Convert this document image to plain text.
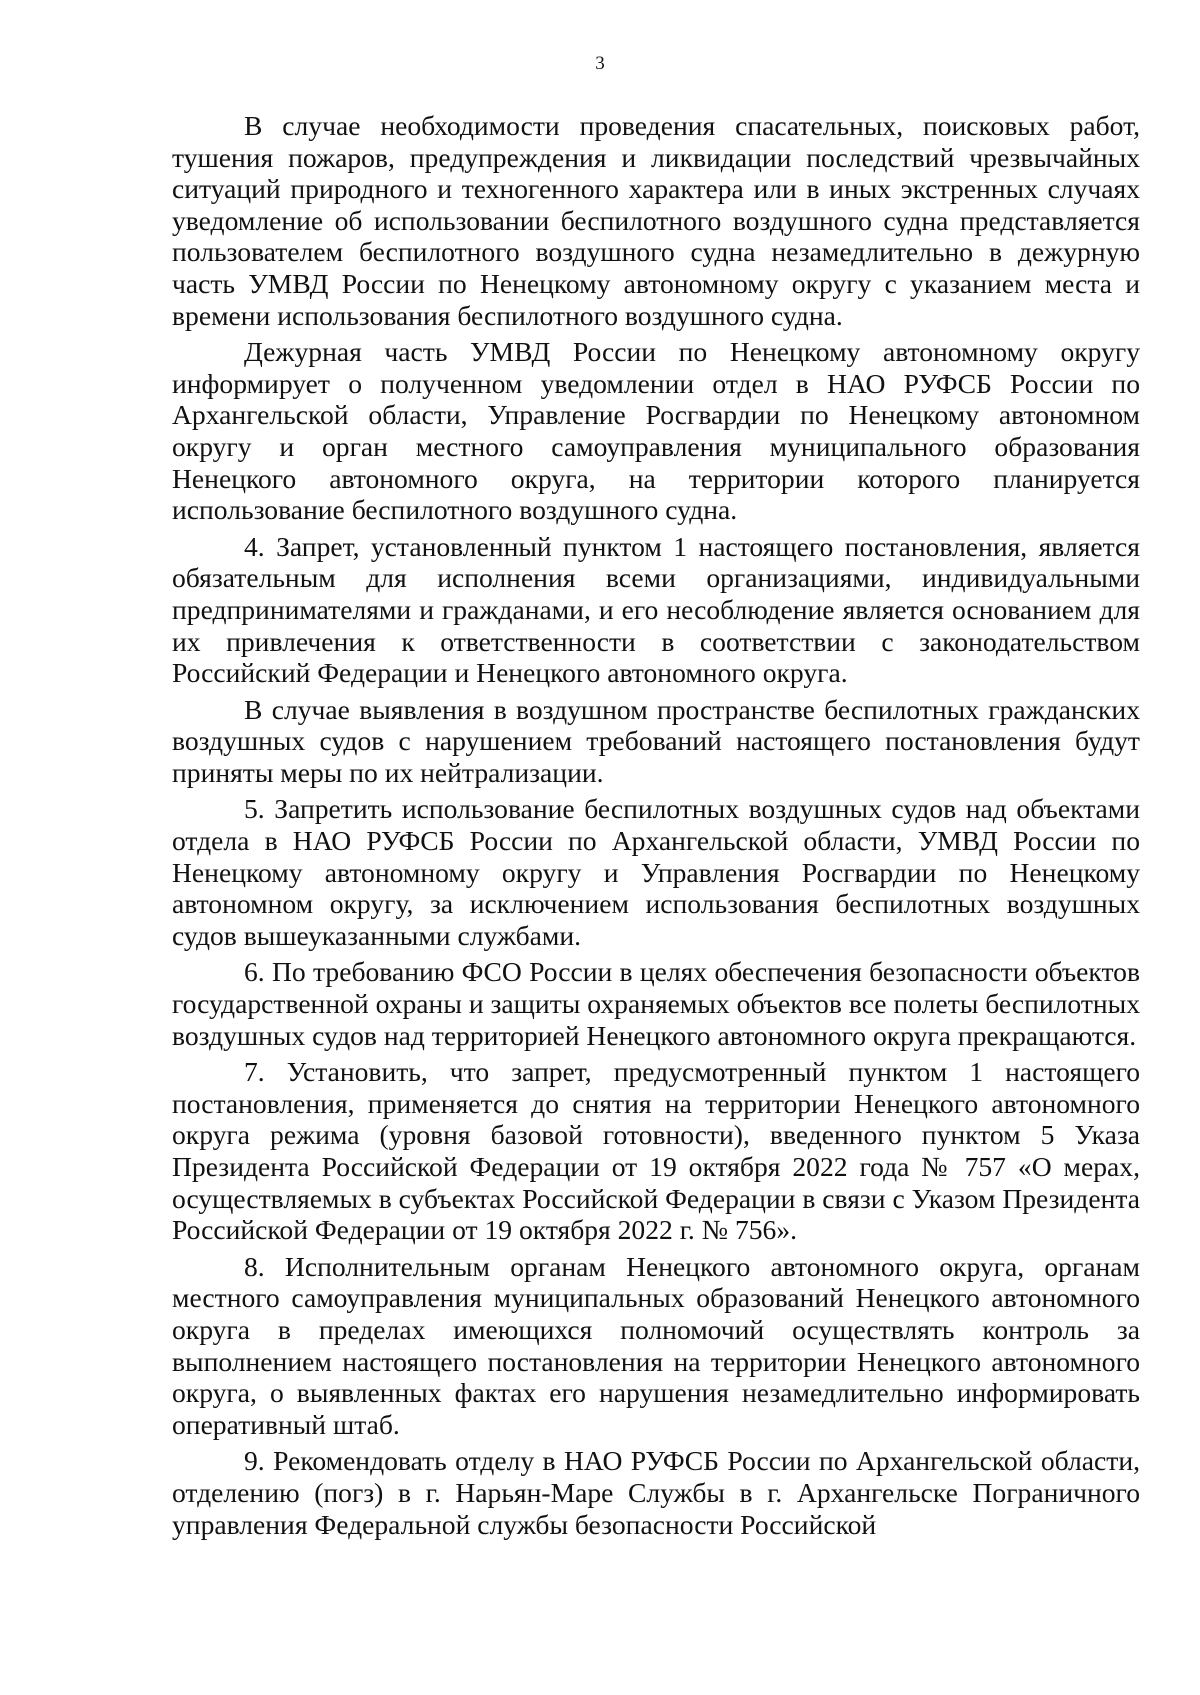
3

В случае необходимости проведения спасательных, поисковых работ, тушения пожаров, предупреждения и ликвидации последствий чрезвычайных ситуаций природного и техногенного характера или в иных экстренных случаях уведомление об использовании беспилотного воздушного судна представляется пользователем беспилотного воздушного судна незамедлительно в дежурную часть УМВД России по Ненецкому автономному округу с указанием места и времени использования беспилотного воздушного судна.

Дежурная часть УМВД России по Ненецкому автономному округу информирует о полученном уведомлении отдел в НАО РУФСБ России по Архангельской области, Управление Росгвардии по Ненецкому автономном округу и орган местного самоуправления муниципального образования Ненецкого автономного округа, на территории которого планируется использование беспилотного воздушного судна.

4. Запрет, установленный пунктом 1 настоящего постановления, является обязательным для исполнения всеми организациями, индивидуальными предпринимателями и гражданами, и его несоблюдение является основанием для их привлечения к ответственности в соответствии с законодательством Российский Федерации и Ненецкого автономного округа.

В случае выявления в воздушном пространстве беспилотных гражданских воздушных судов с нарушением требований настоящего постановления будут приняты меры по их нейтрализации.

5. Запретить использование беспилотных воздушных судов над объектами отдела в НАО РУФСБ России по Архангельской области, УМВД России по Ненецкому автономному округу и Управления Росгвардии по Ненецкому автономном округу, за исключением использования беспилотных воздушных судов вышеуказанными службами.

6. По требованию ФСО России в целях обеспечения безопасности объектов государственной охраны и защиты охраняемых объектов все полеты беспилотных воздушных судов над территорией Ненецкого автономного округа прекращаются.

7. Установить, что запрет, предусмотренный пунктом 1 настоящего постановления, применяется до снятия на территории Ненецкого автономного округа режима (уровня базовой готовности), введенного пунктом 5 Указа Президента Российской Федерации от 19 октября 2022 года № 757 «О мерах, осуществляемых в субъектах Российской Федерации в связи с Указом Президента Российской Федерации от 19 октября 2022 г. № 756».

8. Исполнительным органам Ненецкого автономного округа, органам местного самоуправления муниципальных образований Ненецкого автономного округа в пределах имеющихся полномочий осуществлять контроль за выполнением настоящего постановления на территории Ненецкого автономного округа, о выявленных фактах его нарушения незамедлительно информировать оперативный штаб.

9. Рекомендовать отделу в НАО РУФСБ России по Архангельской области, отделению (погз) в г. Нарьян-Маре Службы в г. Архангельске Пограничного управления Федеральной службы безопасности Российской
